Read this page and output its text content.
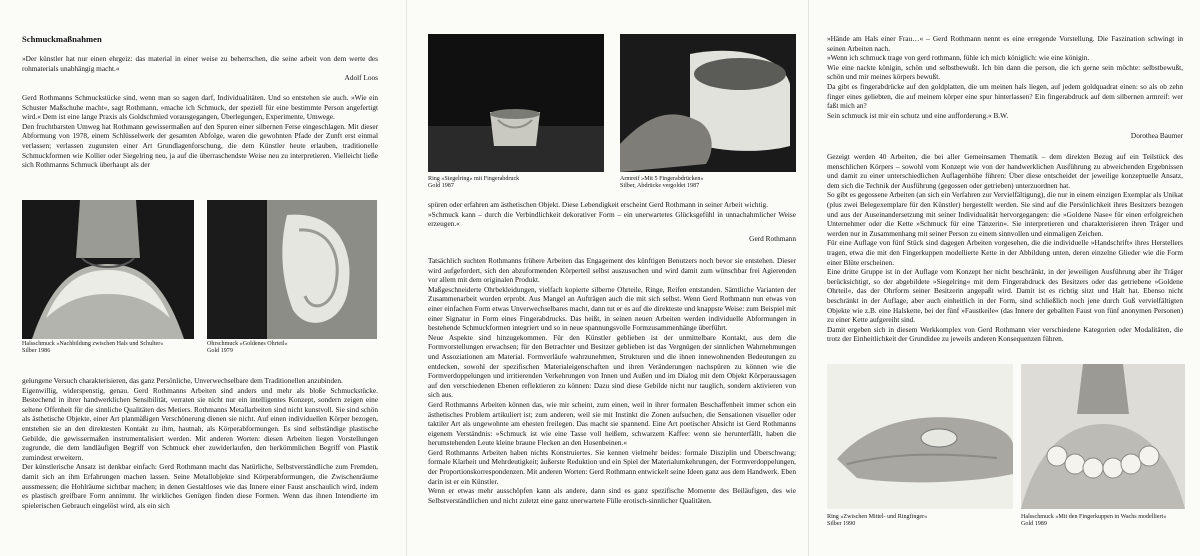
Schmuckmaßnahmen

»Der künstler hat nur einen ehrgeiz: das material in einer weise zu beherrschen, die seine arbeit von dem werte des rohmaterials unabhängig macht.«

Adolf Loos

Gerd Rothmanns Schmuckstücke sind, wenn man so sagen darf, Individualitäten. Und so entstehen sie auch. »Wie ein Schuster Maßschuhe macht«, sagt Rothmann, »mache ich Schmuck, der speziell für eine bestimmte Person angefertigt wird.« Dem ist eine lange Praxis als Goldschmied vorausgegangen, Überlegungen, Experimente, Umwege.
Den fruchtbarsten Umweg hat Rothmann gewissermaßen auf den Spuren einer silbernen Ferse eingeschlagen. Mit dieser Abformung von 1978, einem Schlüsselwerk der gesamten Abfolge, waren die gewohnten Pfade der Zunft erst einmal verlassen; verlassen zugunsten einer Art Grundlagenforschung, die dem Künstler heute erlauben, traditionelle Schmuckformen wie Kollier oder Siegelring neu, ja auf die überraschendste Weise neu zu interpretieren. Vielleicht ließe sich Rothmanns Schmuck überhaupt als der

Halsschmuck »Nachbildung zwischen Hals und Schulter«
Silber 1986
Ohrschmuck »Goldenes Ohrteil«
Gold 1979

gelungene Versuch charakterisieren, das ganz Persönliche, Unverwechselbare dem Traditionellen anzubinden.
Eigenwillig, widerspenstig, genau. Gerd Rothmanns Arbeiten sind anders und mehr als bloße Schmuckstücke. Bestechend in ihrer handwerklichen Sensibilität, verraten sie nicht nur ein intelligentes Konzept, sondern zeigen eine seltene Offenheit für die sinnliche Qualitäten des Metiers. Rothmanns Metallarbeiten sind nicht kunstvoll. Sie sind schön als ästhetische Objekte, einer Art planmäßigen Verschönerung dienen sie nicht. Auf einen individuellen Körper bezogen, entstehen sie an den direktesten Kontakt zu ihm, hautnah, als Körperabformungen. Es sind selbständige plastische Gebilde, die gewissermaßen instrumentalisiert werden. Mit anderen Worten: diesen Arbeiten liegen Vorstellungen zugrunde, die dem landläufigen Begriff von Schmuck eher zuwiderlaufen, den herkömmlichen Begriff von Plastik zumindest erweitern.
Der künstlerische Ansatz ist denkbar einfach: Gerd Rothmann macht das Natürliche, Selbstverständliche zum Fremden, damit sich an ihm Erfahrungen machen lassen. Seine Metallobjekte sind Körperabformungen, die Zwischenräume aussmessen; die Hohlräume sichtbar machen; in denen Gestaltloses wie das Innere einer Faust anschaulich wird, indem es plastisch greifbare Form annimmt. Ihr wirkliches Genügen finden diese Formen. Wenn das ihnen Intendierte im spielerischen Gebrauch eingelöst wird, als ein sich

Ring »Siegelring« mit Fingerabdruck
Gold 1987
Armreif »Mit 5 Fingerabdrücken«
Silber, Abdrücke vergoldet 1987

spüren oder erfahren am ästhetischen Objekt. Diese Lebendigkeit erscheint Gerd Rothmann in seiner Arbeit wichtig.
»Schmuck kann – durch die Verbindlichkeit dekorativer Form – ein unerwartetes Glücksgefühl in unnachahmlicher Weise erzeugen.«

Gerd Rothmann

Tatsächlich suchten Rothmanns frühere Arbeiten das Engagement des künftigen Benutzers noch bevor sie entstehen. Dieser wird aufgefordert, sich den abzuformenden Körperteil selbst auszusuchen und wird damit zum wünschbar frei Agierenden vor allem mit dem originalen Produkt.
Maßgeschneiderte Ohrbekleidungen, vielfach kopierte silberne Ohrteile, Ringe, Reifen entstanden. Sämtliche Varianten der Zusammenarbeit wurden erprobt. Aus Mangel an Aufträgen auch die mit sich selbst. Wenn Gerd Rothmann nun etwas von einer einfachen Form etwas Unverwechselbares macht, dann tut er es auf die direkteste und knappste Weise: zum Beispiel mit einer Signatur in Form eines Fingerabdrucks. Das heißt, in seinen neuen Arbeiten werden individuelle Abformungen in bestehende Schmuckformen integriert und so in neue spannungsvolle Formzusammenhänge überführt.
Neue Aspekte sind hinzugekommen. Für den Künstler geblieben ist der unmittelbare Kontakt, aus dem die Formvorstellungen erwachsen; für den Betrachter und Besitzer geblieben ist das Vergnügen der sinnlichen Wahrnehmungen und Assoziationen am Material. Formverläufe wahrzunehmen, Strukturen und die ihnen innewohnenden Bedeutungen zu entdecken, sowohl der spezifischen Materialeigenschaften und ihren Veränderungen nachspüren zu können wie die Formverdoppelungen und irritierenden Verkehrungen von Innen und Außen und im Dialog mit dem Objekt Körperaussagen auf den verschiedenen Ebenen reflektieren zu können: Dazu sind diese Gebilde nicht nur tauglich, sondern aktivieren von sich aus.
Gerd Rothmanns Arbeiten können das, wie mir scheint, zum einen, weil in ihrer formalen Beschaffenheit immer schon ein ästhetisches Problem artikuliert ist; zum anderen, weil sie mit Instinkt die Zonen aufsuchen, die Sensationen visueller oder taktiler Art als ungewohnte am ehesten freilegen. Das macht sie spannend. Eine Art poetischer Absicht ist Gerd Rothmanns eigenem Verständnis: »Schmuck ist wie eine Tasse voll heißem, schwarzem Kaffee: wenn sie herunterfällt, haben die herumstehenden Leute kleine braune Flecken an den Hosenbeinen.«
Gerd Rothmanns Arbeiten haben nichts Konstruiertes. Sie kennen vielmehr beides: formale Disziplin und Überschwang; formale Klarheit und Mehrdeutigkeit; äußerste Reduktion und ein Spiel der Materialumkehrungen, der Formverdoppelungen, der Proportionskorrespondenzen. Mit anderen Worten: Gerd Rothmann entwickelt seine Ideen ganz aus dem Handwerk. Eben darin ist er ein Künstler.
Wenn er etwas mehr ausschöpfen kann als andere, dann sind es ganz spezifische Momente des Beiläufigen, des wie Selbstverständlichen und nicht zuletzt eine ganz unerwartete Fülle erotisch-sinnlicher Qualitäten.

»Hände am Hals einer Frau…« – Gerd Rothmann nennt es eine erregende Vorstellung. Die Faszination schwingt in seinen Arbeiten nach.
»Wenn ich schmuck trage von gerd rothmann, fühle ich mich königlich: wie eine königin.
Wie eine nackte königin, schön und selbstbewußt. Ich bin dann die person, die ich gerne sein möchte: selbstbewußt, schön und mir meines körpers bewußt.
Da gibt es fingerabdrücke auf den goldplatten, die um meinen hals liegen, auf jedem goldquadrat einen: so als ob zehn finger eines geliebten, die auf meinem körper eine spur hinterlassen? Ein fingerabdruck auf dem silbernen armreif: wer faßt mich an?
Sein schmuck ist mir ein schutz und eine aufforderung.« B.W.

Dorothea Baumer

Gezeigt werden 40 Arbeiten, die bei aller Gemeinsamen Thematik – dem direkten Bezug auf ein Teilstück des menschlichen Körpers – sowohl vom Konzept wie von der handwerklichen Ausführung zu abweichenden Ergebnissen und damit zu einer unterschiedlichen Auflagenhöhe führen: Über diese entscheidet der jeweilige konzeptuelle Ansatz, dem sich die Technik der Ausführung (gegossen oder getrieben) unterzuordnen hat.
So gibt es gegossene Arbeiten (an sich ein Verfahren zur Vervielfältigung), die nur in einem einzigen Exemplar als Unikat (plus zwei Belegexemplare für den Künstler) hergestellt werden. Sie sind auf die Persönlichkeit ihres Besitzers bezogen und aus der Auseinandersetzung mit seiner Individualität hervorgegangen: die »Goldene Nase« für einen erfolgreichen Unternehmer oder die Kette »Schmuck für eine Tänzerin«. Sie interpretieren und charakterisieren ihren Träger und werden nur in Zusammenhang mit seiner Person zu einem sinnvollen und einmaligen Zeichen.
Für eine Auflage von fünf Stück sind dagegen Arbeiten vorgesehen, die die individuelle »Handschrift« ihres Herstellers tragen, etwa die mit den Fingerkuppen modellierte Kette in der Abbildung unten, deren einzelne Glieder wie die Form einer Blüte erscheinen.
Eine dritte Gruppe ist in der Auflage vom Konzept her nicht beschränkt, in der jeweiligen Ausführung aber ihr Träger berücksichtigt, so der abgebildete »Siegelring« mit dem Fingerabdruck des Besitzers oder das getriebene »Goldene Ohrteil«, das der Ohrform seiner Besitzerin angepaßt wird. Damit ist es richtig sitzt und Halt hat. Ebenso nicht beschränkt in der Auflage, aber auch einheitlich in der Form, sind schließlich noch jene durch Guß vervielfältigten Objekte wie z.B. eine Halskette, bei der fünf »Faustkeile« (das Innere der geballten Faust von fünf anonymen Personen) zu einer Kette aufgereiht sind.
Damit ergeben sich in diesem Werkkomplex von Gerd Rothmann vier verschiedene Kategorien oder Modalitäten, die trotz der Einheitlichkeit der Grundidee zu jeweils anderen Konsequenzen führen.

Ring »Zwischen Mittel- und Ringfinger«
Silber 1990
Halsschmuck »Mit den Fingerkuppen in Wachs modelliert«
Gold 1989
